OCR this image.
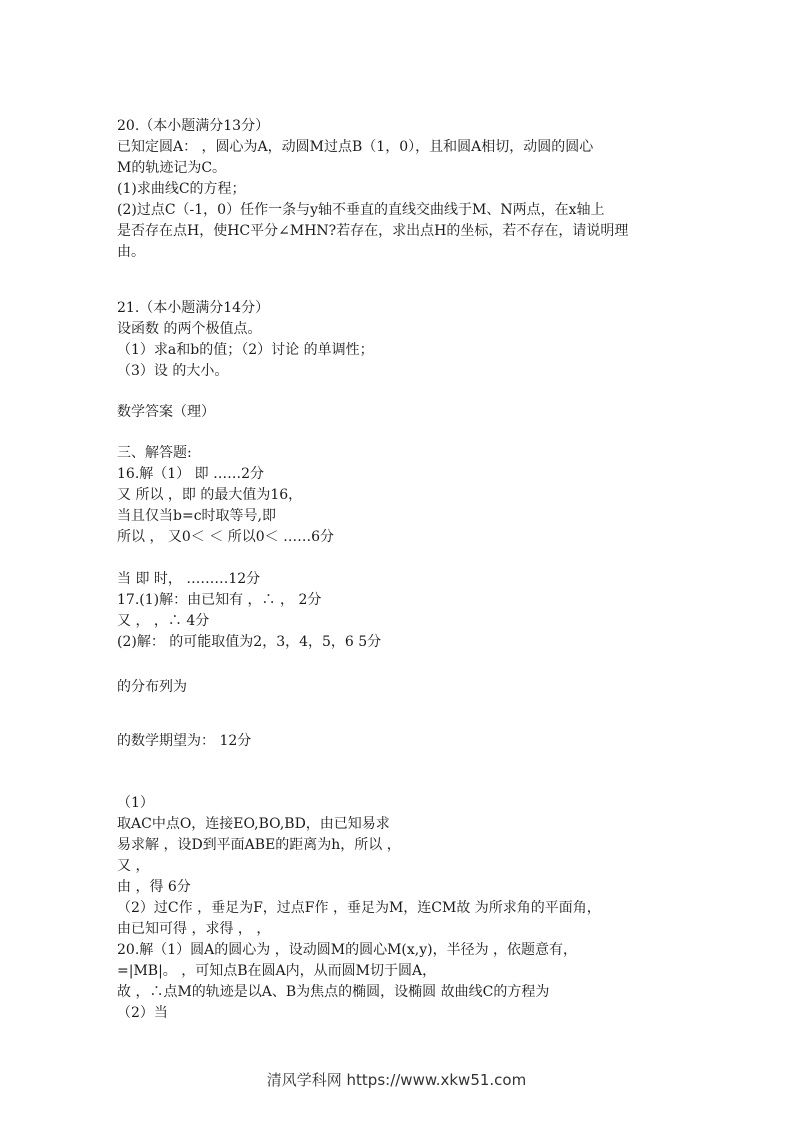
20.（本小题满分13分）
已知定圆A： ，圆心为A，动圆M过点B（1，0），且和圆A相切，动圆的圆心
M的轨迹记为C。
(1)求曲线C的方程；
(2)过点C（-1，0）任作一条与y轴不垂直的直线交曲线于M、N两点，在x轴上
是否存在点H，使HC平分∠MHN?若存在，求出点H的坐标，若不存在，请说明理
由。
21.（本小题满分14分）
设函数 的两个极值点。
（1）求a和b的值；（2）讨论 的单调性；
（3）设 的大小。
数学答案（理）
三、解答题:
16.解（1） 即 ……2分
又 所以 ，即 的最大值为16，
当且仅当b=c时取等号,即
所以 ， 又0＜ ＜ 所以0＜ ……6分
当 即 时， ………12分
17.(1)解：由已知有 ，∴ ， 2分
又 ， ，∴ 4分
(2)解： 的可能取值为2，3，4，5，6 5分
的分布列为
的数学期望为： 12分
（1）
取AC中点O，连接EO,BO,BD，由已知易求
易求解 ，设D到平面ABE的距离为h，所以 ，
又 ，
由 ，得 6分
（2）过C作 ，垂足为F，过点F作 ，垂足为M，连CM故 为所求角的平面角，
由已知可得 ，求得 ， ，
20.解（1）圆A的圆心为 ，设动圆M的圆心M(x,y)，半径为 ，依题意有，
=|MB|。 ，可知点B在圆A内，从而圆M切于圆A，
故 ，∴点M的轨迹是以A、B为焦点的椭圆，设椭圆 故曲线C的方程为
（2）当
清风学科网 https://www.xkw51.com
